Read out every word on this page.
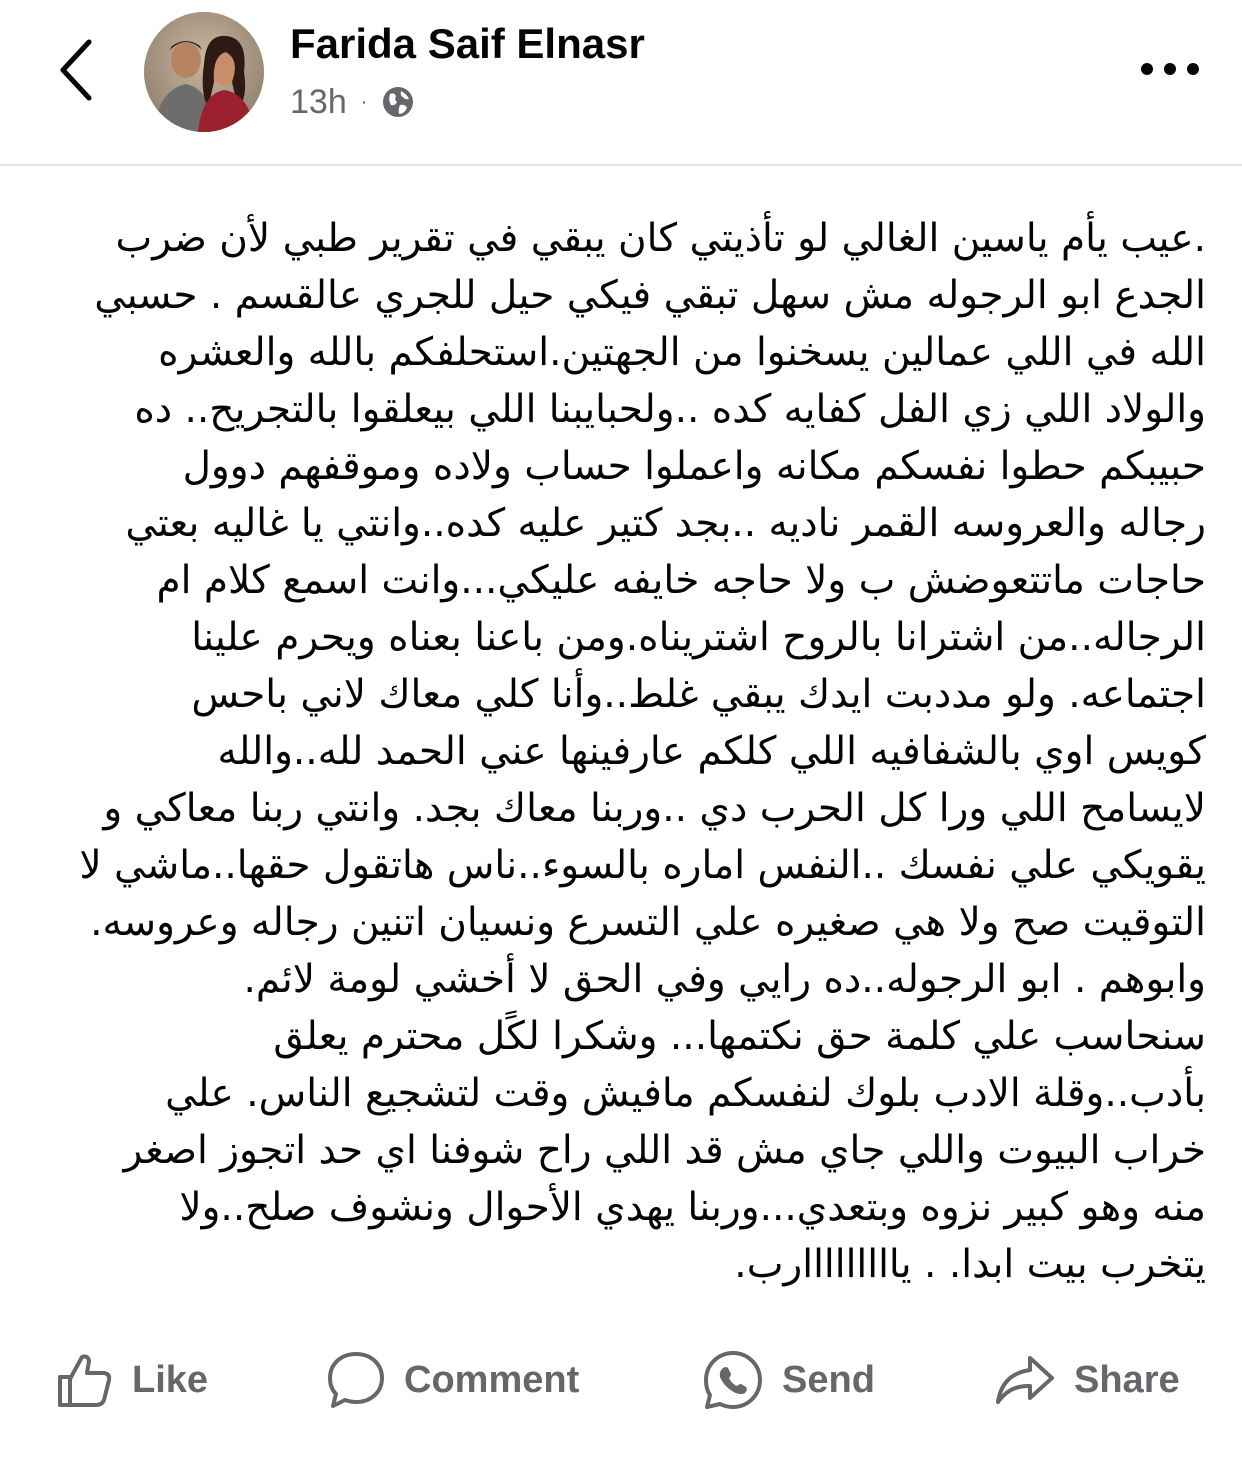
Farida Saif Elnasr
13h ·
.عيب يأم ياسين الغالي لو تأذيتي كان يبقي في تقرير طبي لأن ضرب
الجدع ابو الرجوله مش سهل تبقي فيكي حيل للجري عالقسم . حسبي
الله في اللي عمالين يسخنوا من الجهتين.استحلفكم بالله والعشره
والولاد اللي زي الفل كفايه كده ..ولحبايبنا اللي بيعلقوا بالتجريح.. ده
حبيبكم حطوا نفسكم مكانه واعملوا حساب ولاده وموقفهم دوول
رجاله والعروسه القمر ناديه ..بجد كتير عليه كده..وانتي يا غاليه بعتي
حاجات ماتتعوضش ب ولا حاجه خايفه عليكي...وانت اسمع كلام ام
الرجاله..من اشترانا بالروح اشتريناه.ومن باعنا بعناه ويحرم علينا
اجتماعه. ولو مددبت ايدك يبقي غلط..وأنا كلي معاك لاني باحس
كويس اوي بالشفافيه اللي كلكم عارفينها عني الحمد لله..والله
لايسامح اللي ورا كل الحرب دي ..وربنا معاك بجد. وانتي ربنا معاكي و
يقويكي علي نفسك ..النفس اماره بالسوء..ناس هاتقول حقها..ماشي لا
التوقيت صح ولا هي صغيره علي التسرع ونسيان اتنين رجاله وعروسه.
وابوهم . ابو الرجوله..ده رايي وفي الحق لا أخشي لومة لائم.
سنحاسب علي كلمة حق نكتمها... وشكرا لكًل محترم يعلق
بأدب..وقلة الادب بلوك لنفسكم مافيش وقت لتشجيع الناس. علي
خراب البيوت واللي جاي مش قد اللي راح شوفنا اي حد اتجوز اصغر
منه وهو كبير نزوه وبتعدي...وربنا يهدي الأحوال ونشوف صلح..ولا
يتخرب بيت ابدا. . يااااااااارب.
Like	Comment	Send	Share
